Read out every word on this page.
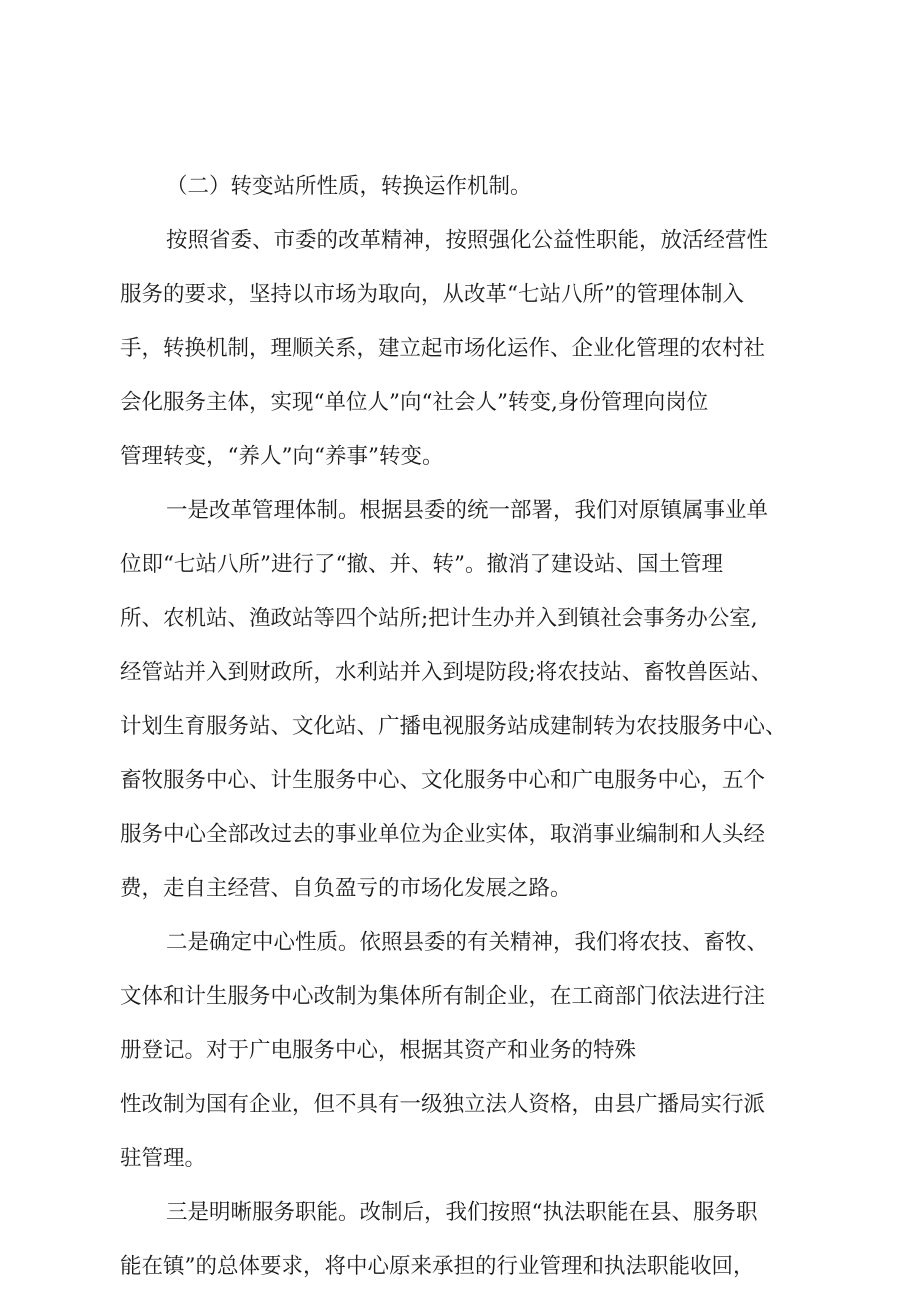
（二）转变站所性质，转换运作机制。
按照省委、市委的改革精神，按照强化公益性职能，放活经营性
服务的要求，坚持以市场为取向，从改革“七站八所”的管理体制入
手，转换机制，理顺关系，建立起市场化运作、企业化管理的农村社
会化服务主体，实现“单位人”向“社会人”转变,身份管理向岗位
管理转变，“养人”向“养事”转变。
一是改革管理体制。根据县委的统一部署，我们对原镇属事业单
位即“七站八所”进行了“撤、并、转”。撤消了建设站、国土管理
所、农机站、渔政站等四个站所;把计生办并入到镇社会事务办公室,
经管站并入到财政所，水利站并入到堤防段;将农技站、畜牧兽医站、
计划生育服务站、文化站、广播电视服务站成建制转为农技服务中心、
畜牧服务中心、计生服务中心、文化服务中心和广电服务中心，五个
服务中心全部改过去的事业单位为企业实体，取消事业编制和人头经
费，走自主经营、自负盈亏的市场化发展之路。
二是确定中心性质。依照县委的有关精神，我们将农技、畜牧、
文体和计生服务中心改制为集体所有制企业，在工商部门依法进行注
册登记。对于广电服务中心，根据其资产和业务的特殊
性改制为国有企业，但不具有一级独立法人资格，由县广播局实行派
驻管理。
三是明晰服务职能。改制后，我们按照“执法职能在县、服务职
能在镇”的总体要求，将中心原来承担的行业管理和执法职能收回，
